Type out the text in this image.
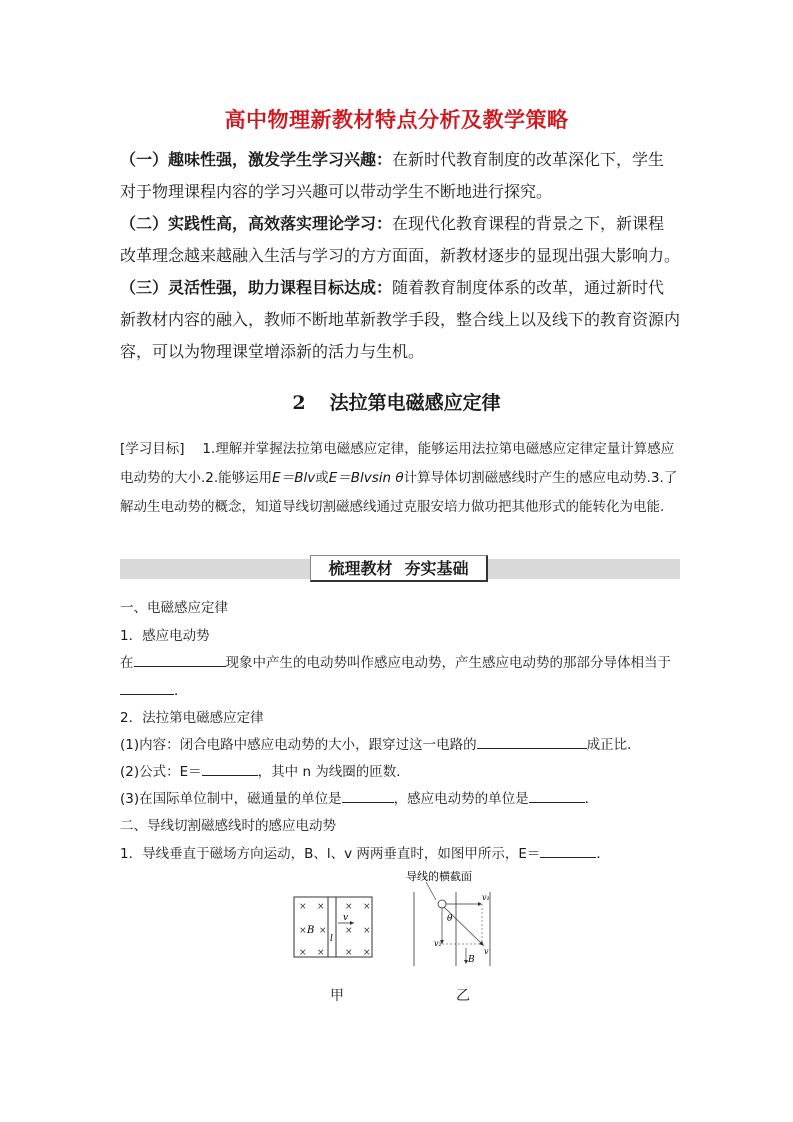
高中物理新教材特点分析及教学策略
（一）趣味性强，激发学生学习兴趣：在新时代教育制度的改革深化下，学生对于物理课程内容的学习兴趣可以带动学生不断地进行探究。
（二）实践性高，高效落实理论学习：在现代化教育课程的背景之下，新课程改革理念越来越融入生活与学习的方方面面，新教材逐步的显现出强大影响力。
（三）灵活性强，助力课程目标达成：随着教育制度体系的改革，通过新时代新教材内容的融入，教师不断地革新教学手段，整合线上以及线下的教育资源内容，可以为物理课堂增添新的活力与生机。
2 法拉第电磁感应定律
[学习目标]　 1.理解并掌握法拉第电磁感应定律，能够运用法拉第电磁感应定律定量计算感应电动势的大小.2.能够运用E＝Blv或E＝Blvsin θ计算导体切割磁感线时产生的感应电动势.3.了解动生电动势的概念，知道导线切割磁感线通过克服安培力做功把其他形式的能转化为电能.
梳理教材 夯实基础
一、电磁感应定律
1．感应电动势
在	现象中产生的电动势叫作感应电动势，产生感应电动势的那部分导体相当于
．
2．法拉第电磁感应定律
(1)内容：闭合电路中感应电动势的大小，跟穿过这一电路的	成正比．
(2)公式：E＝	，其中 n 为线圈的匝数．
(3)在国际单位制中，磁通量的单位是	，感应电动势的单位是	．
二、导线切割磁感线时的感应电动势
1．导线垂直于磁场方向运动，B、l、v 两两垂直时，如图甲所示，E＝	．
× × × ×
× × × ×
× × × ×
B
l
v
甲
导线的横截面
v₁
v₂
v
θ
B
乙
